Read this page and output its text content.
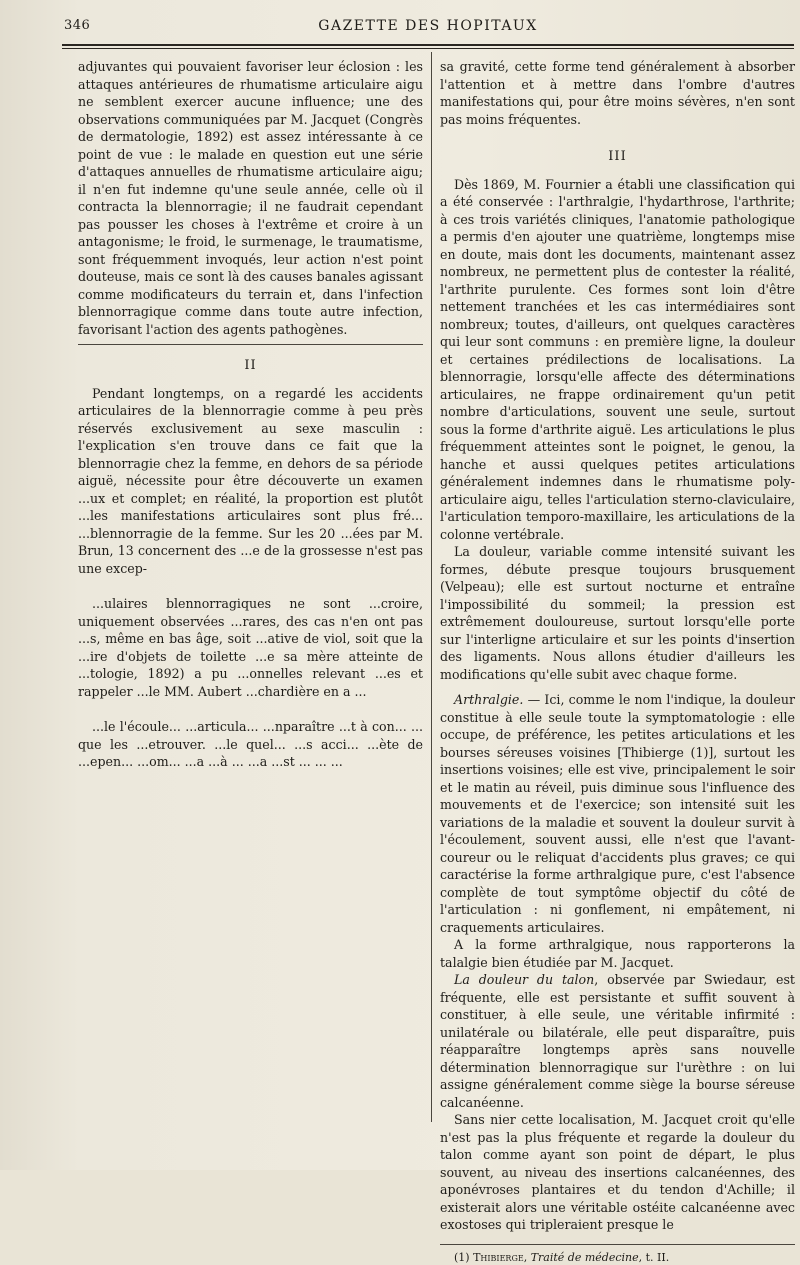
346	GAZETTE DES HOPITAUX

adjuvantes qui pouvaient favoriser leur éclosion : les attaques antérieures de rhumatisme articulaire aigu ne semblent exercer aucune influence; une des observations communiquées par M. Jacquet (Congrès de dermatologie, 1892) est assez intéressante à ce point de vue : le malade en question eut une série d'attaques annuelles de rhumatisme articulaire aigu; il n'en fut indemne qu'une seule année, celle où il contracta la blennorragie; il ne faudrait cependant pas pousser les choses à l'extrême et croire à un antagonisme; le froid, le surmenage, le traumatisme, sont fréquemment invoqués, leur action n'est point douteuse, mais ce sont là des causes banales agissant comme modificateurs du terrain et, dans l'infection blennorragique comme dans toute autre infection, favorisant l'action des agents pathogènes.

II

Pendant longtemps, on a regardé les accidents articulaires de la blennorragie comme à peu près réservés exclusivement au sexe masculin : l'explication s'en trouve dans ce fait que la blennorragie chez la femme, en dehors de sa période aiguë, nécessite pour être découverte un examen ...ux et complet; en réalité, la proportion est plutôt ...les manifestations articulaires sont plus fré... ...blennorragie de la femme. Sur les 20 ...ées par M. Brun, 13 concernent des ...e de la grossesse n'est pas une excep-

...ulaires blennorragiques ne sont ...croire, uniquement observées ...rares, des cas n'en ont pas ...s, même en bas âge, soit ...ative de viol, soit que la ...ire d'objets de toilette ...e sa mère atteinte de ...tologie, 1892) a pu ...onnelles relevant ...es et rappeler ...le MM. Aubert ...chardière en a ...

...le l'écoule... ...articula... ...nparaître ...t à con... ... que les ...etrouver. ...le quel... ...s acci... ...ète de ...epen... ...om... ...a ...à ... ...a ...st ... ... ...

sa gravité, cette forme tend généralement à absorber l'attention et à mettre dans l'ombre d'autres manifestations qui, pour être moins sévères, n'en sont pas moins fréquentes.

III

Dès 1869, M. Fournier a établi une classification qui a été conservée : l'arthralgie, l'hydarthrose, l'arthrite; à ces trois variétés cliniques, l'anatomie pathologique a permis d'en ajouter une quatrième, longtemps mise en doute, mais dont les documents, maintenant assez nombreux, ne permettent plus de contester la réalité, l'arthrite purulente. Ces formes sont loin d'être nettement tranchées et les cas intermédiaires sont nombreux; toutes, d'ailleurs, ont quelques caractères qui leur sont communs : en première ligne, la douleur et certaines prédilections de localisations. La blennorragie, lorsqu'elle affecte des déterminations articulaires, ne frappe ordinairement qu'un petit nombre d'articulations, souvent une seule, surtout sous la forme d'arthrite aiguë. Les articulations le plus fréquemment atteintes sont le poignet, le genou, la hanche et aussi quelques petites articulations généralement indemnes dans le rhumatisme poly-articulaire aigu, telles l'articulation sterno-claviculaire, l'articulation temporo-maxillaire, les articulations de la colonne vertébrale.

La douleur, variable comme intensité suivant les formes, débute presque toujours brusquement (Velpeau); elle est surtout nocturne et entraîne l'impossibilité du sommeil; la pression est extrêmement douloureuse, surtout lorsqu'elle porte sur l'interligne articulaire et sur les points d'insertion des ligaments. Nous allons étudier d'ailleurs les modifications qu'elle subit avec chaque forme.

Arthralgie. — Ici, comme le nom l'indique, la douleur constitue à elle seule toute la symptomatologie : elle occupe, de préférence, les petites articulations et les bourses séreuses voisines [Thibierge (1)], surtout les insertions voisines; elle est vive, principalement le soir et le matin au réveil, puis diminue sous l'influence des mouvements et de l'exercice; son intensité suit les variations de la maladie et souvent la douleur survit à l'écoulement, souvent aussi, elle n'est que l'avant-coureur ou le reliquat d'accidents plus graves; ce qui caractérise la forme arthralgique pure, c'est l'absence complète de tout symptôme objectif du côté de l'articulation : ni gonflement, ni empâtement, ni craquements articulaires.

A la forme arthralgique, nous rapporterons la talalgie bien étudiée par M. Jacquet.

La douleur du talon, observée par Swiedaur, est fréquente, elle est persistante et suffit souvent à constituer, à elle seule, une véritable infirmité : unilatérale ou bilatérale, elle peut disparaître, puis réapparaître longtemps après sans nouvelle détermination blennorragique sur l'urèthre : on lui assigne généralement comme siège la bourse séreuse calcanéenne.

Sans nier cette localisation, M. Jacquet croit qu'elle n'est pas la plus fréquente et regarde la douleur du talon comme ayant son point de départ, le plus souvent, au niveau des insertions calcanéennes, des aponévroses plantaires et du tendon d'Achille; il existerait alors une véritable ostéite calcanéenne avec exostoses qui tripleraient presque le

(1) Thibierge, Traité de médecine, t. II.
